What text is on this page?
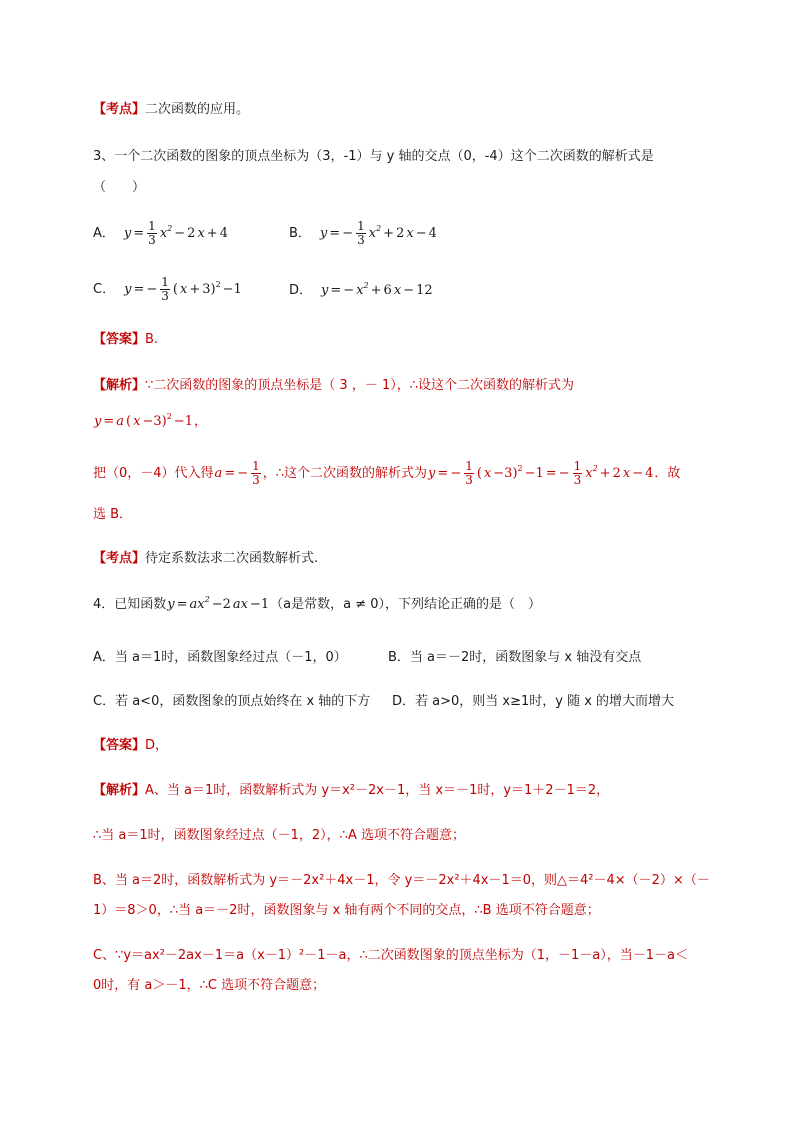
【考点】二次函数的应用。
3、一个二次函数的图象的顶点坐标为（3，-1）与 y 轴的交点（0，-4）这个二次函数的解析式是
（　　）
A． $y = \frac{1}{3} x^2 - 2$ x + 4	B． y = − $\frac{1}{3} x^2 + 2$ x − 4
C． y = − $\frac{1}{3}$ ( x + 3)$^2$ −1	D． y = − $x^2 + 6$ x − 12
【答案】B.
【解析】∵二次函数的图象的顶点坐标是（ 3 ，－ 1），∴设这个二次函数的解析式为
y = a ( x −3)$^2$ −1 ，
把（0，－4）代入得 a = − $\frac{1}{3}$ ，∴这个二次函数的解析式为 y = − $\frac{1}{3}$ ( x −3)$^2$ −1 = − $\frac{1}{3} x^2 + 2$ x − 4 ．故
选 B．
【考点】待定系数法求二次函数解析式.
4．已知函数 $y = ax^2 -2$ ax −1 （a是常数，a ≠ 0），下列结论正确的是（　）
A．当 a＝1时，函数图象经过点（－1，0）	B．当 a＝－2时，函数图象与 x 轴没有交点
C．若 a<0，函数图象的顶点始终在 x 轴的下方 D．若 a>0，则当 x≥1时，y 随 x 的增大而增大
【答案】D，
【解析】A、当 a＝1时，函数解析式为 y＝x²－2x－1，当 x＝－1时，y＝1＋2－1＝2，
∴当 a＝1时，函数图象经过点（－1，2），∴A 选项不符合题意；
B、当 a＝2时，函数解析式为 y＝－2x²＋4x－1，令 y＝－2x²＋4x－1＝0，则△＝4²－4×（－2）×（－
1）＝8＞0，∴当 a＝－2时，函数图象与 x 轴有两个不同的交点，∴B 选项不符合题意；
C、∵y＝ax²－2ax－1＝a（x－1）²－1－a，∴二次函数图象的顶点坐标为（1，－1－a），当－1－a＜
0时，有 a＞－1，∴C 选项不符合题意；
